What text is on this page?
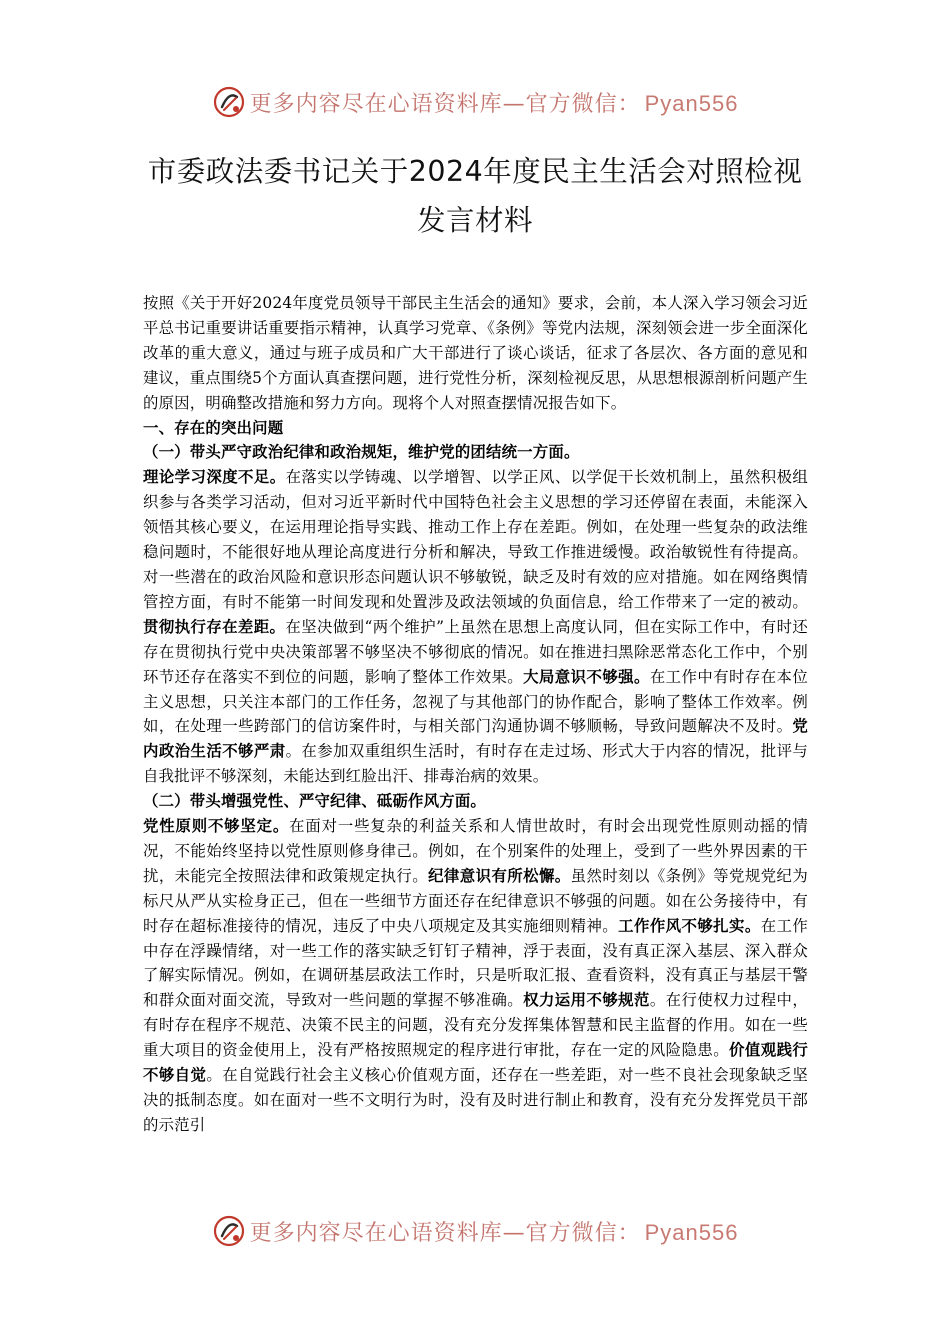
更多内容尽在心语资料库—官方微信： Pyan556
市委政法委书记关于2024年度民主生活会对照检视
发言材料

按照《关于开好2024年度党员领导干部民主生活会的通知》要求，会前，本人深入学习领会习近平总书记重要讲话重要指示精神，认真学习党章、《条例》等党内法规，深刻领会进一步全面深化改革的重大意义，通过与班子成员和广大干部进行了谈心谈话，征求了各层次、各方面的意见和建议，重点围绕5个方面认真查摆问题，进行党性分析，深刻检视反思，从思想根源剖析问题产生的原因，明确整改措施和努力方向。现将个人对照查摆情况报告如下。

一、存在的突出问题

（一）带头严守政治纪律和政治规矩，维护党的团结统一方面。

理论学习深度不足。在落实以学铸魂、以学增智、以学正风、以学促干长效机制上，虽然积极组织参与各类学习活动，但对习近平新时代中国特色社会主义思想的学习还停留在表面，未能深入领悟其核心要义，在运用理论指导实践、推动工作上存在差距。例如，在处理一些复杂的政法维稳问题时，不能很好地从理论高度进行分析和解决，导致工作推进缓慢。政治敏锐性有待提高。对一些潜在的政治风险和意识形态问题认识不够敏锐，缺乏及时有效的应对措施。如在网络舆情管控方面，有时不能第一时间发现和处置涉及政法领域的负面信息，给工作带来了一定的被动。贯彻执行存在差距。在坚决做到“两个维护”上虽然在思想上高度认同，但在实际工作中，有时还存在贯彻执行党中央决策部署不够坚决不够彻底的情况。如在推进扫黑除恶常态化工作中，个别环节还存在落实不到位的问题，影响了整体工作效果。大局意识不够强。在工作中有时存在本位主义思想，只关注本部门的工作任务，忽视了与其他部门的协作配合，影响了整体工作效率。例如，在处理一些跨部门的信访案件时，与相关部门沟通协调不够顺畅，导致问题解决不及时。党内政治生活不够严肃。在参加双重组织生活时，有时存在走过场、形式大于内容的情况，批评与自我批评不够深刻，未能达到红脸出汗、排毒治病的效果。

（二）带头增强党性、严守纪律、砥砺作风方面。

党性原则不够坚定。在面对一些复杂的利益关系和人情世故时，有时会出现党性原则动摇的情况，不能始终坚持以党性原则修身律己。例如，在个别案件的处理上，受到了一些外界因素的干扰，未能完全按照法律和政策规定执行。纪律意识有所松懈。虽然时刻以《条例》等党规党纪为标尺从严从实检身正己，但在一些细节方面还存在纪律意识不够强的问题。如在公务接待中，有时存在超标准接待的情况，违反了中央八项规定及其实施细则精神。工作作风不够扎实。在工作中存在浮躁情绪，对一些工作的落实缺乏钉钉子精神，浮于表面，没有真正深入基层、深入群众了解实际情况。例如，在调研基层政法工作时，只是听取汇报、查看资料，没有真正与基层干警和群众面对面交流，导致对一些问题的掌握不够准确。权力运用不够规范。在行使权力过程中，有时存在程序不规范、决策不民主的问题，没有充分发挥集体智慧和民主监督的作用。如在一些重大项目的资金使用上，没有严格按照规定的程序进行审批，存在一定的风险隐患。价值观践行不够自觉。在自觉践行社会主义核心价值观方面，还存在一些差距，对一些不良社会现象缺乏坚决的抵制态度。如在面对一些不文明行为时，没有及时进行制止和教育，没有充分发挥党员干部的示范引

更多内容尽在心语资料库—官方微信： Pyan556
